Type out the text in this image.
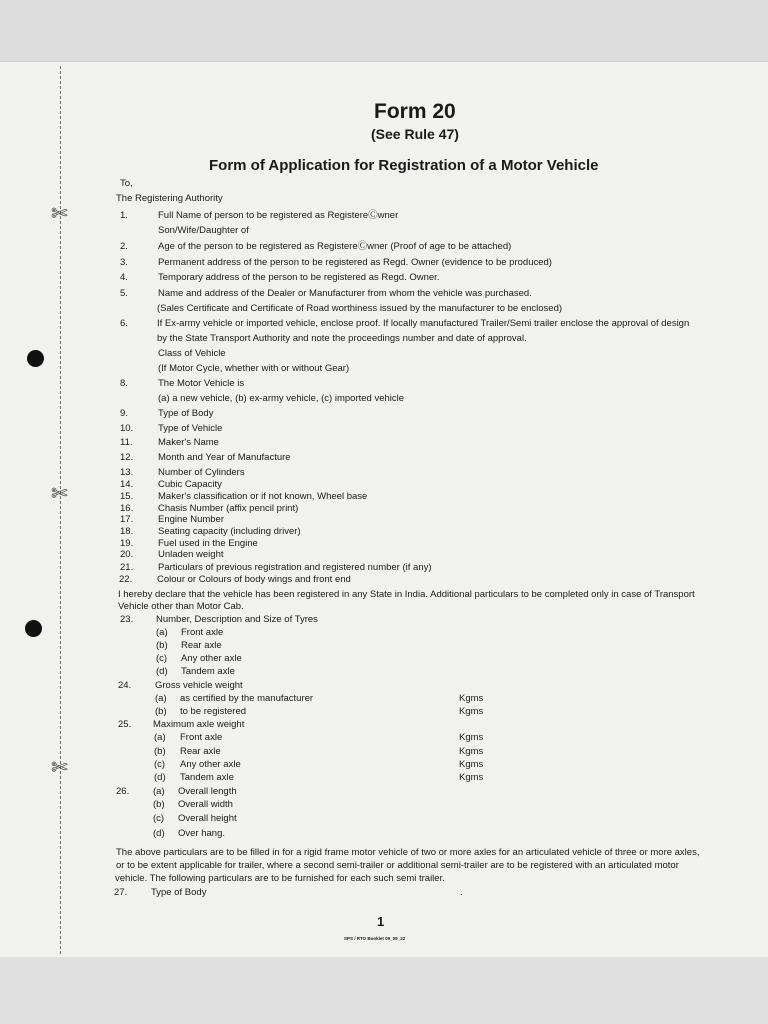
✄
✄
✄
Form 20
(See Rule 47)
Form of Application for Registration of a Motor Vehicle
To,
The Registering Authority
1.	Full Name of person to be registered as RegistereⒸwner
Son/Wife/Daughter of
2.	Age of the person to be registered as RegistereⒸwner (Proof of age to be attached)
3.	Permanent address of the person to be registered as Regd. Owner (evidence to be produced)
4.	Temporary address of the person to be registered as Regd. Owner.
5.	Name and address of the Dealer or Manufacturer from whom the vehicle was purchased.
(Sales Certificate and Certificate of Road worthiness issued by the manufacturer to be enclosed)
6.	If Ex-army vehicle or imported vehicle, enclose proof. If locally manufactured Trailer/Semi trailer enclose the approval of design
by the State Transport Authority and note the proceedings number and date of approval.
Class of Vehicle
(If Motor Cycle, whether with or without Gear)
8.	The Motor Vehicle is
(a) a new vehicle, (b) ex-army vehicle, (c) imported vehicle
9.	Type of Body
10.	Type of Vehicle
11.	Maker's Name
12.	Month and Year of Manufacture
13.	Number of Cylinders
14.	Cubic Capacity
15.	Maker's classification or if not known, Wheel base
16.	Chasis Number (affix pencil print)
17.	Engine Number
18.	Seating capacity (including driver)
19.	Fuel used in the Engine
20.	Unladen weight
21.	Particulars of previous registration and registered number (if any)
22.	Colour or Colours of body wings and front end
I hereby declare that the vehicle has been registered in any State in India. Additional particulars to be completed only in case of Transport
Vehicle other than Motor Cab.
23. Number, Description and Size of Tyres
(a) Front axle
(b) Rear axle
(c) Any other axle
(d) Tandem axle
24.	Gross vehicle weight
(a) as certified by the manufacturer	Kgms
(b) to be registered	Kgms
25. Maximum axle weight
(a) Front axle	Kgms
(b) Rear axle	Kgms
(c) Any other axle	Kgms
(d) Tandem axle	Kgms
26.	(a) Overall length
(b) Overall width
(c) Overall height
(d) Over hang.
The above particulars are to be filled in for a rigid frame motor vehicle of two or more axles for an articulated vehicle of three or more axles,
or to be extent applicable for trailer, where a second semi-trailer or additional semi-trailer are to be registered with an articulated motor
vehicle. The following particulars are to be furnished for each such semi trailer.
27.	Type of Body	.
1
SPS / RTO Booklet 09_09_22
